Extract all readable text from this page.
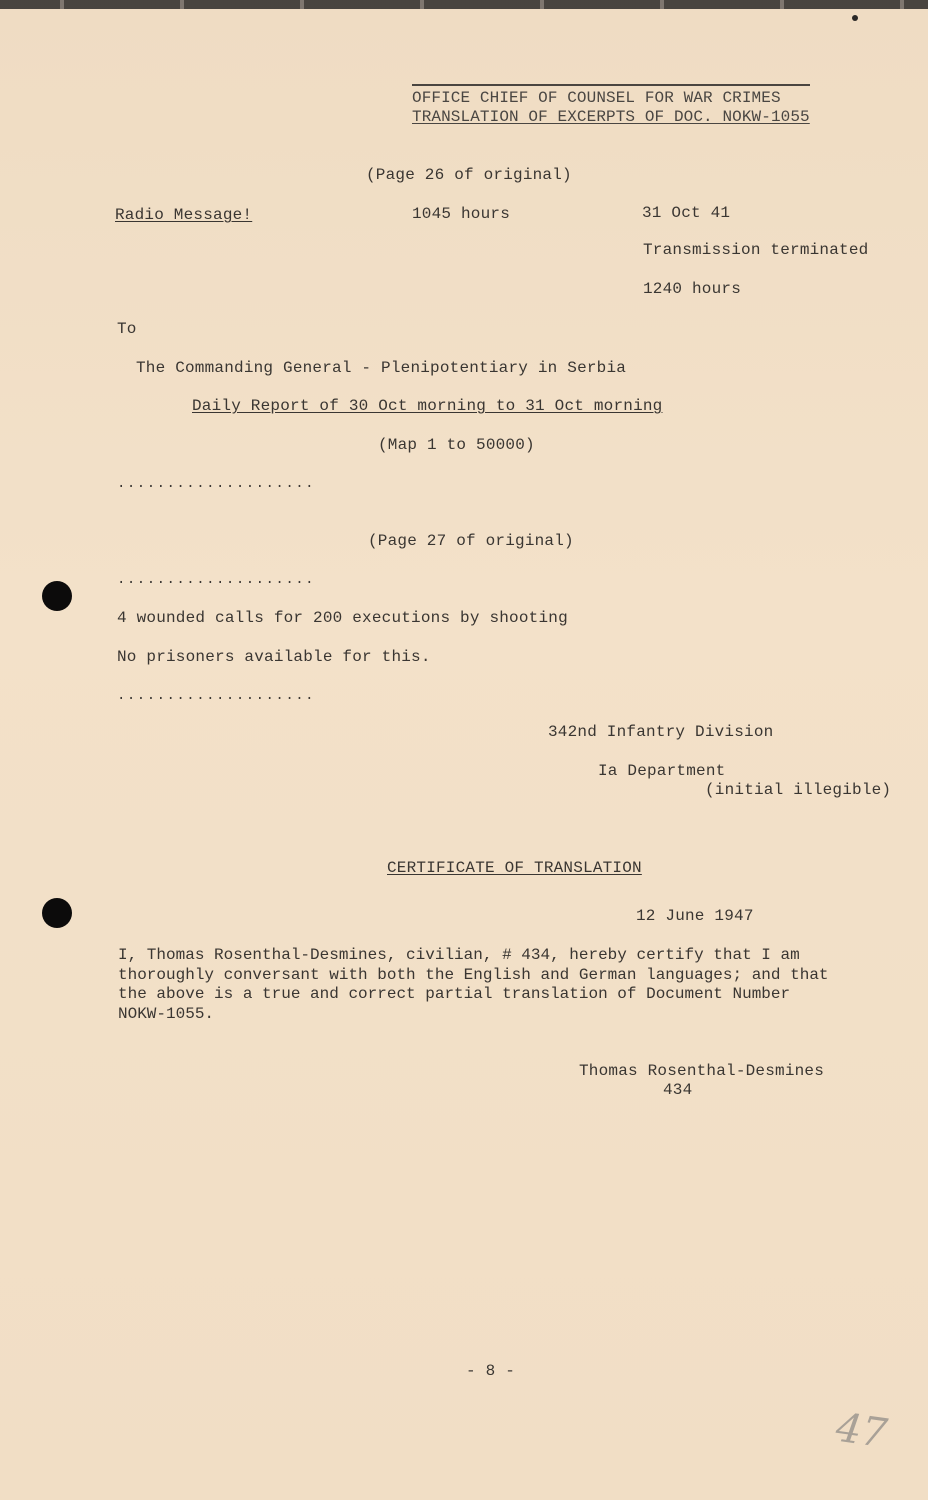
OFFICE CHIEF OF COUNSEL FOR WAR CRIMES
TRANSLATION OF EXCERPTS OF DOC. NOKW-1055
(Page 26 of original)
Radio Message!	1045 hours	31 Oct 41
Transmission terminated
1240 hours
To
The Commanding General - Plenipotentiary in Serbia
Daily Report of 30 Oct morning to 31 Oct morning
(Map 1 to 50000)
....................
(Page 27 of original)
....................
4 wounded calls for 200 executions by shooting
No prisoners available for this.
....................
342nd Infantry Division
Ia Department
(initial illegible)
CERTIFICATE OF TRANSLATION
12 June 1947
I, Thomas Rosenthal-Desmines, civilian, # 434, hereby certify that I am
thoroughly conversant with both the English and German languages; and that
the above is a true and correct partial translation of Document Number
NOKW-1055.
Thomas Rosenthal-Desmines
434
- 8 -
47
